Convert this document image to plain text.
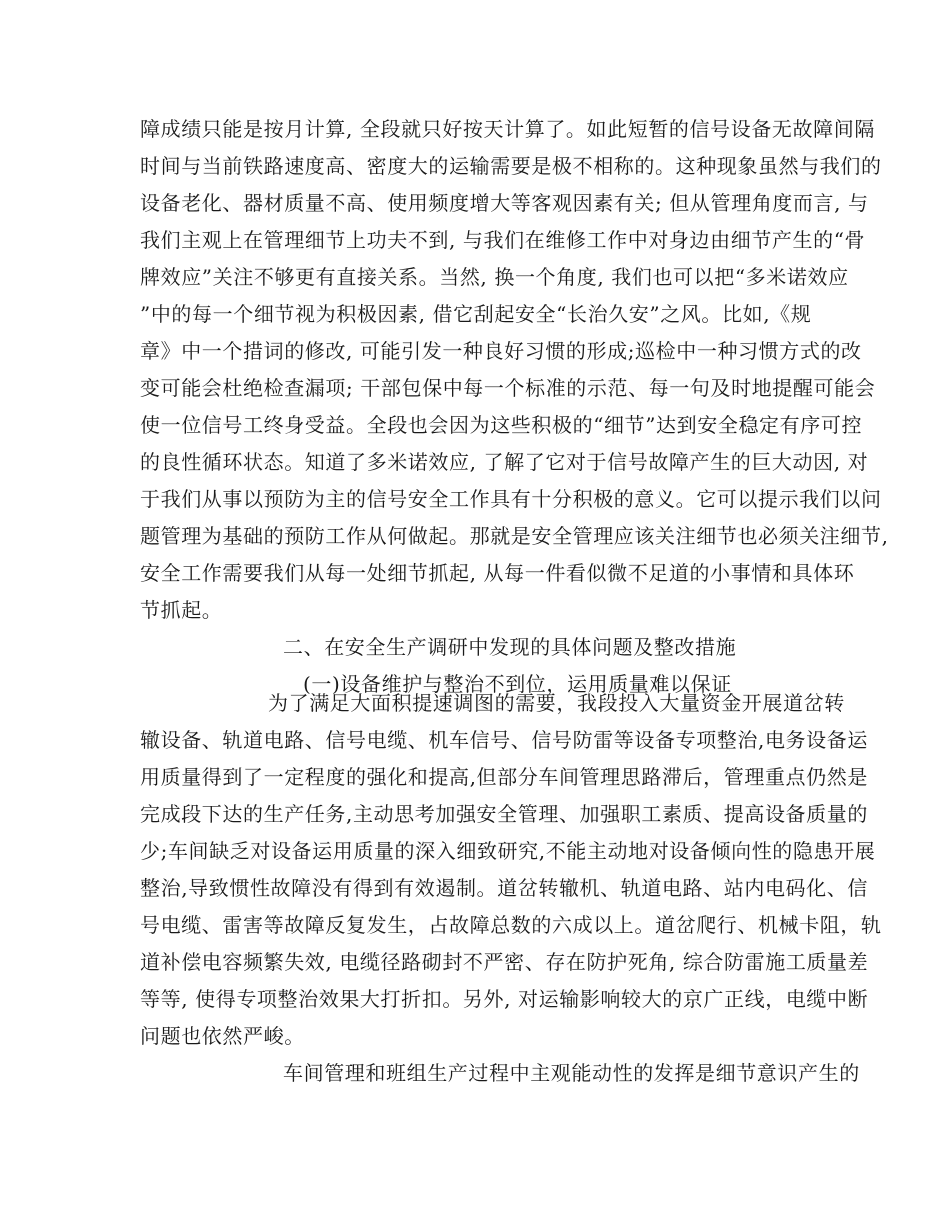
障成绩只能是按月计算, 全段就只好按天计算了。如此短暂的信号设备无故障间隔
时间与当前铁路速度高、密度大的运输需要是极不相称的。这种现象虽然与我们的
设备老化、器材质量不高、使用频度增大等客观因素有关; 但从管理角度而言, 与
我们主观上在管理细节上功夫不到, 与我们在维修工作中对身边由细节产生的“骨
牌效应”关注不够更有直接关系。当然, 换一个角度, 我们也可以把“多米诺效应
”中的每一个细节视为积极因素, 借它刮起安全“长治久安”之风。比如,《规
章》中一个措词的修改, 可能引发一种良好习惯的形成;巡检中一种习惯方式的改
变可能会杜绝检查漏项; 干部包保中每一个标准的示范、每一句及时地提醒可能会
使一位信号工终身受益。全段也会因为这些积极的“细节”达到安全稳定有序可控
的良性循环状态。知道了多米诺效应, 了解了它对于信号故障产生的巨大动因, 对
于我们从事以预防为主的信号安全工作具有十分积极的意义。它可以提示我们以问
题管理为基础的预防工作从何做起。那就是安全管理应该关注细节也必须关注细节,
安全工作需要我们从每一处细节抓起, 从每一件看似微不足道的小事情和具体环
节抓起。
二、在安全生产调研中发现的具体问题及整改措施
(一)设备维护与整治不到位，运用质量难以保证
为了满足大面积提速调图的需要，我段投入大量资金开展道岔转
辙设备、轨道电路、信号电缆、机车信号、信号防雷等设备专项整治,电务设备运
用质量得到了一定程度的强化和提高,但部分车间管理思路滞后，管理重点仍然是
完成段下达的生产任务,主动思考加强安全管理、加强职工素质、提高设备质量的
少;车间缺乏对设备运用质量的深入细致研究,不能主动地对设备倾向性的隐患开展
整治,导致惯性故障没有得到有效遏制。道岔转辙机、轨道电路、站内电码化、信
号电缆、雷害等故障反复发生，占故障总数的六成以上。道岔爬行、机械卡阻，轨
道补偿电容频繁失效, 电缆径路砌封不严密、存在防护死角, 综合防雷施工质量差
等等, 使得专项整治效果大打折扣。另外, 对运输影响较大的京广正线，电缆中断
问题也依然严峻。
车间管理和班组生产过程中主观能动性的发挥是细节意识产生的
